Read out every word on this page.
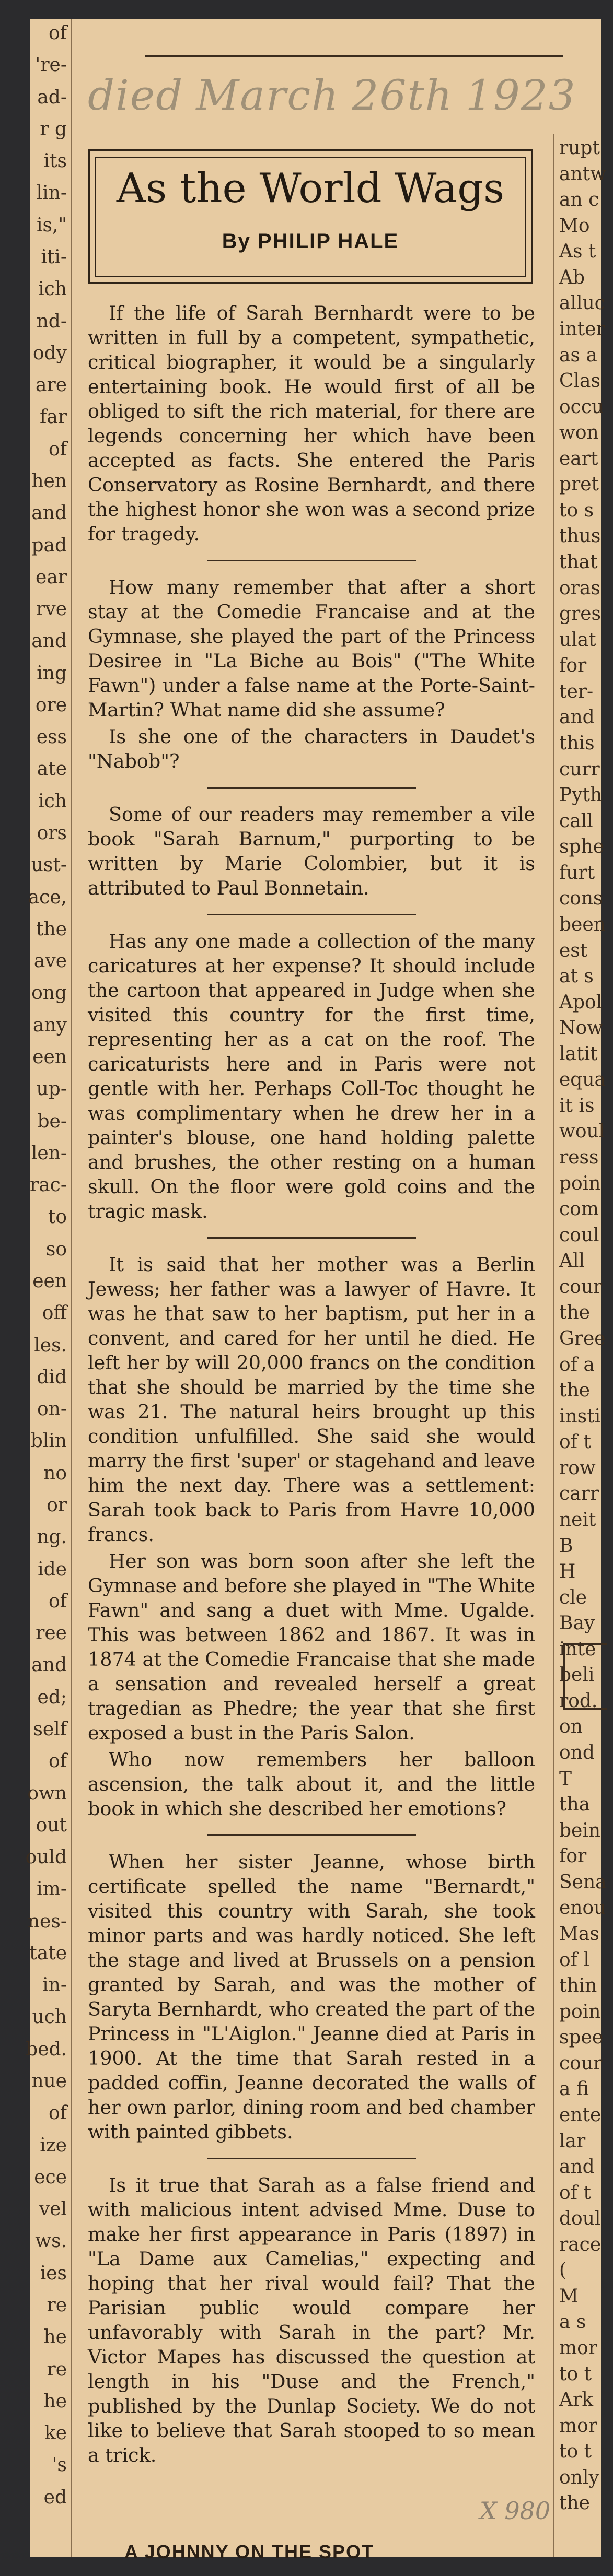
of
're-
ad-
r g
its
lin-
is,"
iti-
ich
nd-
ody
are
far
of
hen
and
pad
ear
rve
and
ing
ore
ess
ate
ich
ors
ust-
ace,
the
ave
ong
any
een
up-
be-
len-
rac-
to
so
een
off
les.
did
on-
blin
no
or
ng.
ide
of
ree
and
ed;
self
of
own
out
ould
im-
nes-
tate
in-
uch
bed.
nue
of
ize
ece
vel
ws.
ies
re
he
re
he
ke
's
ed
rupt
antw
an c
Mo
As t
Ab
alluc
inter
as a
Clas
occu
won
eart
pret
to s
thus
that
oras
gres
ulat
for
ter-
and
this
curr
Pyth
call
sphe
furt
cons
been
est
at s
Apol
Now
latit
equa
it is
woul
ress
poin
com
coul
All
cour
the
Gree
of a
the
insti
of t
row
carr
neit
B
H
cle
Bay
inte
beli
rod.
on
ond
T
tha
bein
for
Sena
enou
Mas
of l
thin
poin
spee
cour
a fi
ente
lar
and
of t
doul
race
(
M
a s
mor
to t
Ark
mor
to t
only
the
died March 26th 1923
As the World Wags
By PHILIP HALE

If the life of Sarah Bernhardt were to be written in full by a competent, sympathetic, critical biographer, it would be a singularly entertaining book. He would first of all be obliged to sift the rich material, for there are legends concerning her which have been accepted as facts. She entered the Paris Conservatory as Rosine Bernhardt, and there the highest honor she won was a second prize for tragedy.

How many remember that after a short stay at the Comedie Francaise and at the Gymnase, she played the part of the Princess Desiree in "La Biche au Bois" ("The White Fawn") under a false name at the Porte-Saint-Martin? What name did she assume?

Is she one of the characters in Daudet's "Nabob"?

Some of our readers may remember a vile book "Sarah Barnum," purporting to be written by Marie Colombier, but it is attributed to Paul Bonnetain.

Has any one made a collection of the many caricatures at her expense? It should include the cartoon that appeared in Judge when she visited this country for the first time, representing her as a cat on the roof. The caricaturists here and in Paris were not gentle with her. Perhaps Coll-Toc thought he was complimentary when he drew her in a painter's blouse, one hand holding palette and brushes, the other resting on a human skull. On the floor were gold coins and the tragic mask.

It is said that her mother was a Berlin Jewess; her father was a lawyer of Havre. It was he that saw to her baptism, put her in a convent, and cared for her until he died. He left her by will 20,000 francs on the condition that she should be married by the time she was 21. The natural heirs brought up this condition unfulfilled. She said she would marry the first 'super' or stagehand and leave him the next day. There was a settlement: Sarah took back to Paris from Havre 10,000 francs.

Her son was born soon after she left the Gymnase and before she played in "The White Fawn" and sang a duet with Mme. Ugalde. This was between 1862 and 1867. It was in 1874 at the Comedie Francaise that she made a sensation and revealed herself a great tragedian as Phedre; the year that she first exposed a bust in the Paris Salon.

Who now remembers her balloon ascension, the talk about it, and the little book in which she described her emotions?

When her sister Jeanne, whose birth certificate spelled the name "Bernardt," visited this country with Sarah, she took minor parts and was hardly noticed. She left the stage and lived at Brussels on a pension granted by Sarah, and was the mother of Saryta Bernhardt, who created the part of the Princess in "L'Aiglon." Jeanne died at Paris in 1900. At the time that Sarah rested in a padded coffin, Jeanne decorated the walls of her own parlor, dining room and bed chamber with painted gibbets.

Is it true that Sarah as a false friend and with malicious intent advised Mme. Duse to make her first appearance in Paris (1897) in "La Dame aux Camelias," expecting and hoping that her rival would fail? That the Parisian public would compare her unfavorably with Sarah in the part? Mr. Victor Mapes has discussed the question at length in his "Duse and the French," published by the Dunlap Society. We do not like to believe that Sarah stooped to so mean a trick.

X 980
A JOHNNY ON THE SPOT
